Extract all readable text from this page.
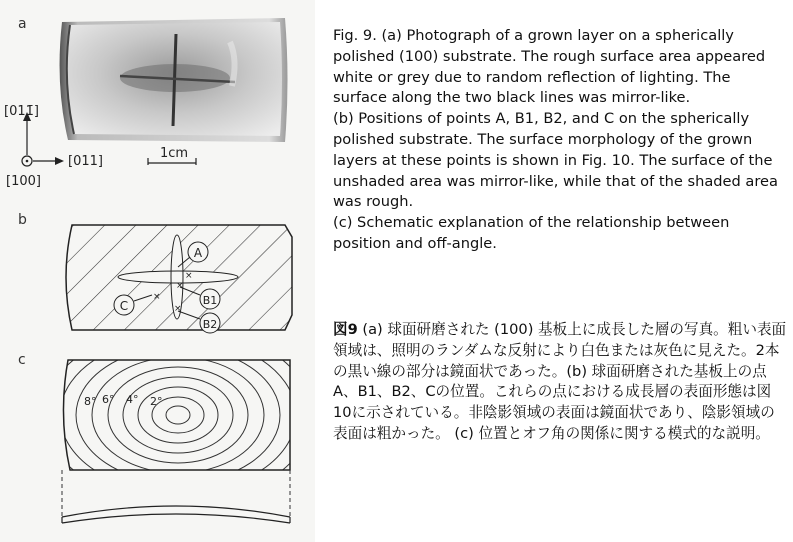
a
b
c
[011̄]
[011]
[100]
1cm
A
B1
B2
C
×
×
×
×
8° 6° 4° 2°

Fig. 9. (a) Photograph of a grown layer on a spherically polished (100) substrate. The rough surface area appeared white or grey due to random reflection of lighting. The surface along the two black lines was mirror-like.

(b) Positions of points A, B1, B2, and C on the spherically polished substrate. The surface morphology of the grown layers at these points is shown in Fig. 10. The surface of the unshaded area was mirror-like, while that of the shaded area was rough.

(c) Schematic explanation of the relationship between position and off-angle.

図9 (a) 球面研磨された (100) 基板上に成長した層の写真。粗い表面領域は、照明のランダムな反射により白色または灰色に見えた。2本の黒い線の部分は鏡面状であった。(b) 球面研磨された基板上の点A、B1、B2、Cの位置。これらの点における成長層の表面形態は図10に示されている。非陰影領域の表面は鏡面状であり、陰影領域の表面は粗かった。 (c) 位置とオフ角の関係に関する模式的な説明。
